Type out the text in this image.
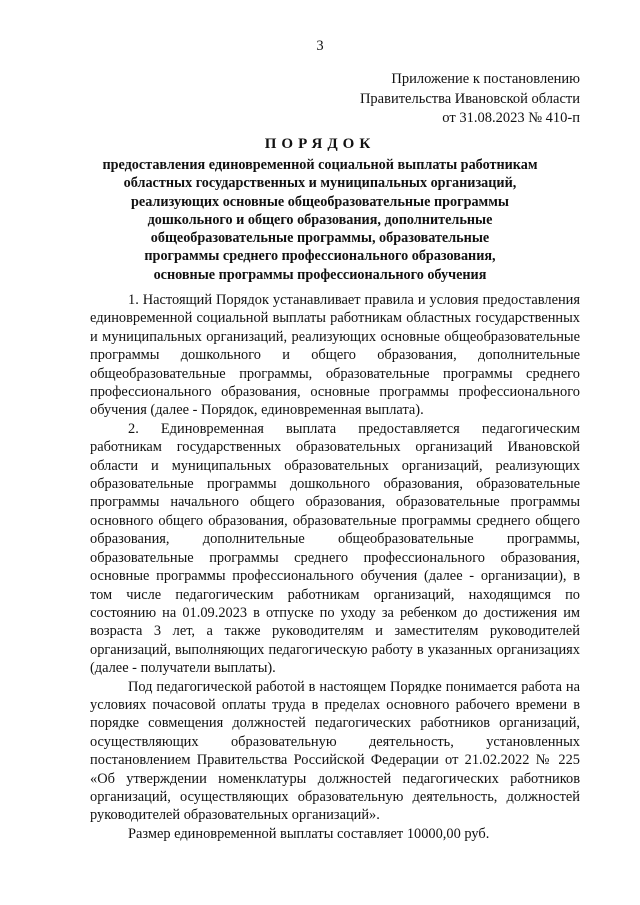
3
Приложение к постановлению
Правительства Ивановской области
от 31.08.2023 № 410-п
ПОРЯДОК
предоставления единовременной социальной выплаты работникам
областных государственных и муниципальных организаций,
реализующих основные общеобразовательные программы
дошкольного и общего образования, дополнительные
общеобразовательные программы, образовательные
программы среднего профессионального образования,
основные программы профессионального обучения

1. Настоящий Порядок устанавливает правила и условия предоставления единовременной социальной выплаты работникам областных государственных и муниципальных организаций, реализующих основные общеобразовательные программы дошкольного и общего образования, дополнительные общеобразовательные программы, образовательные программы среднего профессионального образования, основные программы профессионального обучения (далее - Порядок, единовременная выплата).

2. Единовременная выплата предоставляется педагогическим работникам государственных образовательных организаций Ивановской области и муниципальных образовательных организаций, реализующих образовательные программы дошкольного образования, образовательные программы начального общего образования, образовательные программы основного общего образования, образовательные программы среднего общего образования, дополнительные общеобразовательные программы, образовательные программы среднего профессионального образования, основные программы профессионального обучения (далее - организации), в том числе педагогическим работникам организаций, находящимся по состоянию на 01.09.2023 в отпуске по уходу за ребенком до достижения им возраста 3 лет, а также руководителям и заместителям руководителей организаций, выполняющих педагогическую работу в указанных организациях (далее - получатели выплаты).

Под педагогической работой в настоящем Порядке понимается работа на условиях почасовой оплаты труда в пределах основного рабочего времени в порядке совмещения должностей педагогических работников организаций, осуществляющих образовательную деятельность, установленных постановлением Правительства Российской Федерации от 21.02.2022 № 225 «Об утверждении номенклатуры должностей педагогических работников организаций, осуществляющих образовательную деятельность, должностей руководителей образовательных организаций».

Размер единовременной выплаты составляет 10000,00 руб.
